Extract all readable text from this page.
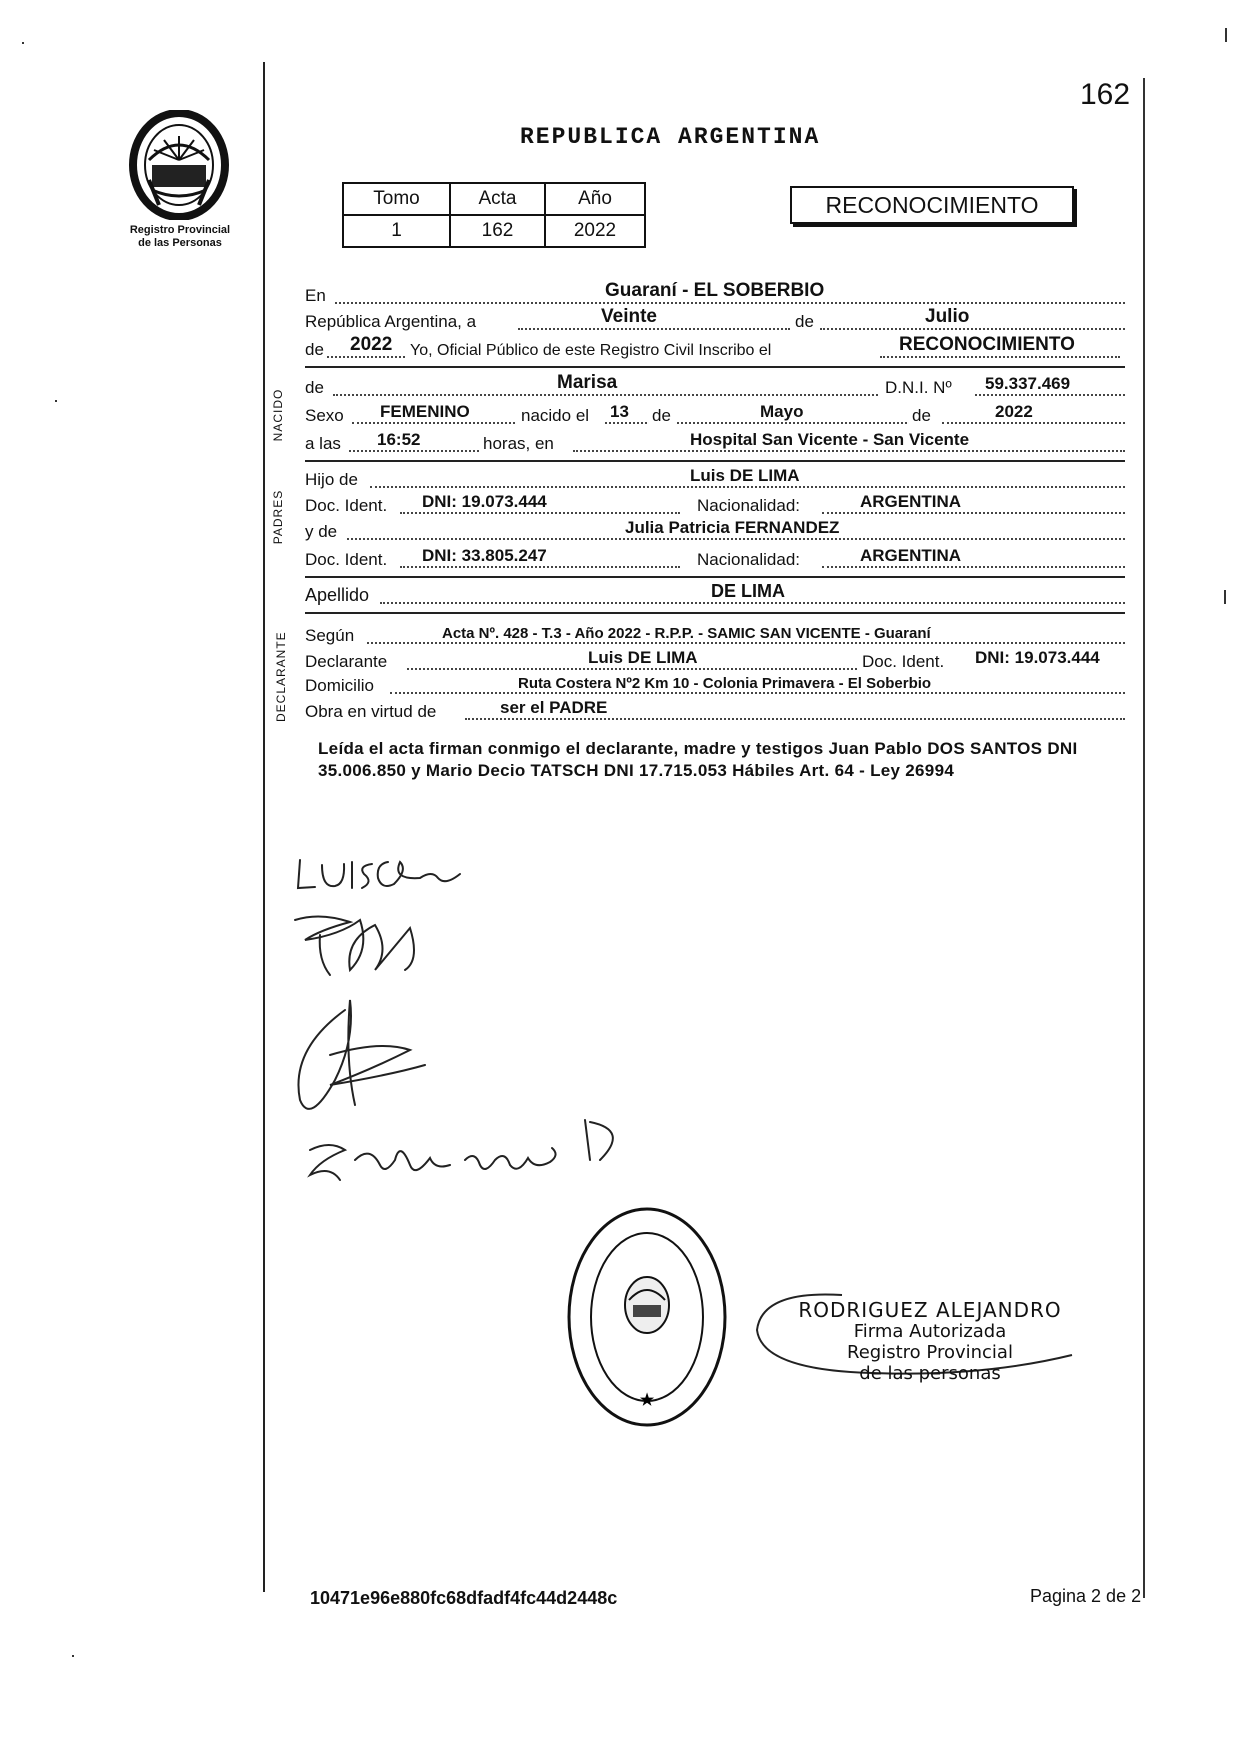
162
REPUBLICA ARGENTINA
Registro Provincial
de las Personas
Tomo	Acta	Año
1	162	2022
RECONOCIMIENTO
En	Guaraní - EL SOBERBIO
República Argentina, a	Veinte	de	Julio
de 2022 Yo, Oficial Público de este Registro Civil Inscribo el	RECONOCIMIENTO
NACIDO
de	Marisa	D.N.I. Nº 59.337.469
Sexo FEMENINO	nacido el 13 de	Mayo	de	2022
a las 16:52	horas, en	Hospital San Vicente - San Vicente
PADRES
Hijo de	Luis DE LIMA
Doc. Ident. DNI: 19.073.444	Nacionalidad:	ARGENTINA
y de	Julia Patricia FERNANDEZ
Doc. Ident. DNI: 33.805.247	Nacionalidad:	ARGENTINA
Apellido	DE LIMA
DECLARANTE Según	Acta Nº. 428 - T.3 - Año 2022 - R.P.P. - SAMIC SAN VICENTE - Guaraní
Declarante	Luis DE LIMA	Doc. Ident. DNI: 19.073.444
Domicilio	Ruta Costera Nº2 Km 10 - Colonia Primavera - El Soberbio
Obra en virtud de	ser el PADRE
Leída el acta firman conmigo el declarante, madre y testigos Juan Pablo DOS SANTOS DNI 35.006.850 y Mario Decio TATSCH DNI 17.715.053 Hábiles Art. 64 - Ley 26994
★
RODRIGUEZ ALEJANDRO
Firma Autorizada
Registro Provincial
de las personas
10471e96e880fc68dfadf4fc44d2448c	Pagina 2 de 2
